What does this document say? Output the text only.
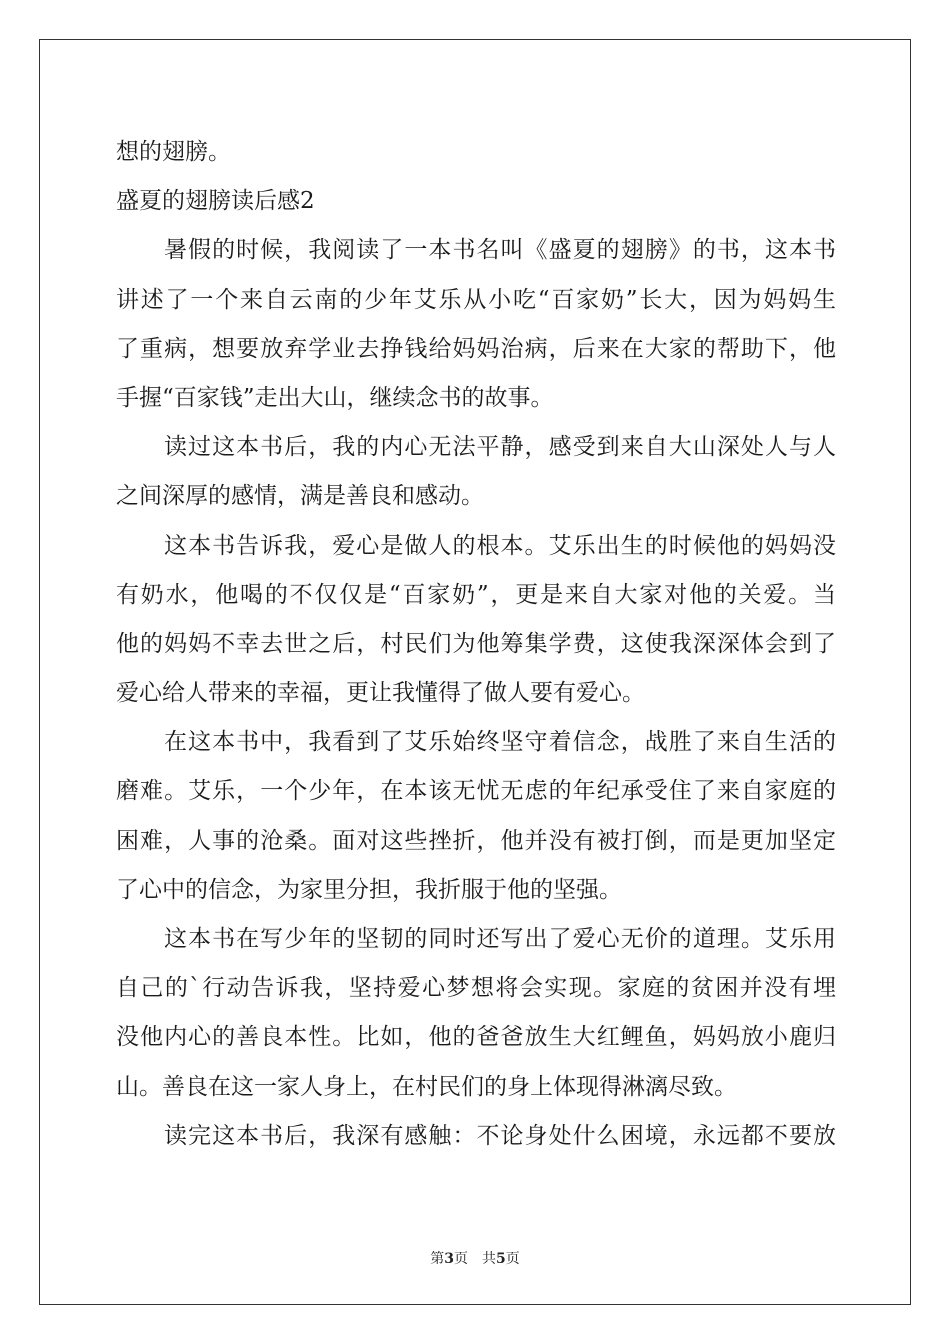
想的翅膀。
盛夏的翅膀读后感2
暑假的时候，我阅读了一本书名叫《盛夏的翅膀》的书，这本书
讲述了一个来自云南的少年艾乐从小吃“百家奶”长大，因为妈妈生
了重病，想要放弃学业去挣钱给妈妈治病，后来在大家的帮助下，他
手握“百家钱”走出大山，继续念书的故事。
读过这本书后，我的内心无法平静，感受到来自大山深处人与人
之间深厚的感情，满是善良和感动。
这本书告诉我，爱心是做人的根本。艾乐出生的时候他的妈妈没
有奶水，他喝的不仅仅是“百家奶”，更是来自大家对他的关爱。当
他的妈妈不幸去世之后，村民们为他筹集学费，这使我深深体会到了
爱心给人带来的幸福，更让我懂得了做人要有爱心。
在这本书中，我看到了艾乐始终坚守着信念，战胜了来自生活的
磨难。艾乐，一个少年，在本该无忧无虑的年纪承受住了来自家庭的
困难，人事的沧桑。面对这些挫折，他并没有被打倒，而是更加坚定
了心中的信念，为家里分担，我折服于他的坚强。
这本书在写少年的坚韧的同时还写出了爱心无价的道理。艾乐用
自己的`行动告诉我，坚持爱心梦想将会实现。家庭的贫困并没有埋
没他内心的善良本性。比如，他的爸爸放生大红鲤鱼，妈妈放小鹿归
山。善良在这一家人身上，在村民们的身上体现得淋漓尽致。
读完这本书后，我深有感触：不论身处什么困境，永远都不要放
第3页 共5页
